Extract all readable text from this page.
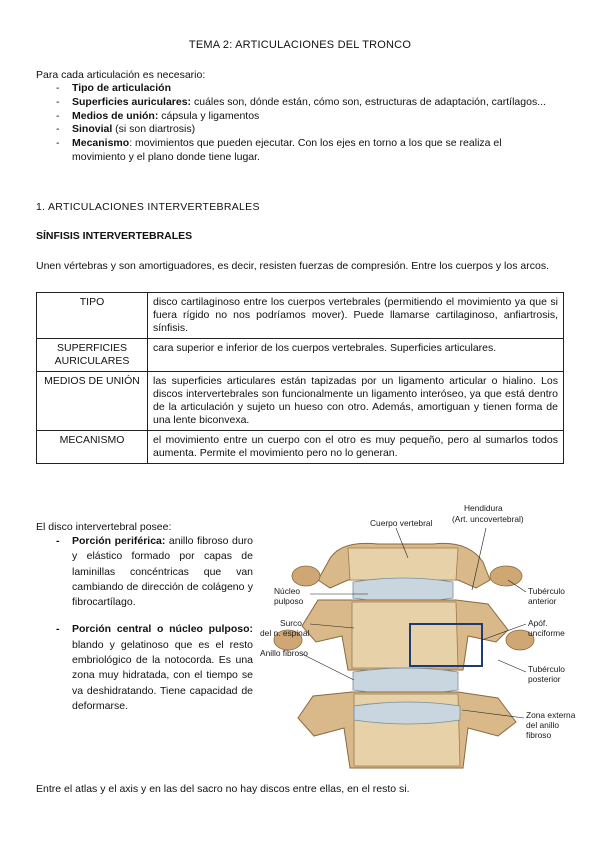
TEMA 2: ARTICULACIONES DEL TRONCO
Para cada articulación es necesario:
- Tipo de articulación
- Superficies auriculares: cuáles son, dónde están, cómo son, estructuras de adaptación, cartílagos...
- Medios de unión: cápsula y ligamentos
- Sinovial (si son diartrosis)
- Mecanismo: movimientos que pueden ejecutar. Con los ejes en torno a los que se realiza el movimiento y el plano donde tiene lugar.
1. ARTICULACIONES INTERVERTEBRALES
SÍNFISIS INTERVERTEBRALES
Unen vértebras y son amortiguadores, es decir, resisten fuerzas de compresión. Entre los cuerpos y los arcos.
TIPO	disco cartilaginoso entre los cuerpos vertebrales (permitiendo el movimiento ya que si fuera rígido no nos podríamos mover). Puede llamarse cartilaginoso, anfiartrosis, sínfisis.
SUPERFICIES AURICULARES	cara superior e inferior de los cuerpos vertebrales. Superficies articulares.
MEDIOS DE UNIÓN	las superficies articulares están tapizadas por un ligamento articular o hialino. Los discos intervertebrales son funcionalmente un ligamento interóseo, ya que está dentro de la articulación y sujeto un hueso con otro. Además, amortiguan y tienen forma de una lente biconvexa.
MECANISMO	el movimiento entre un cuerpo con el otro es muy pequeño, pero al sumarlos todos aumenta. Permite el movimiento pero no lo generan.
El disco intervertebral posee:
- Porción periférica: anillo fibroso duro y elástico formado por capas de laminillas concéntricas que van cambiando de dirección de colágeno y fibrocartílago.
- Porción central o núcleo pulposo: blando y gelatinoso que es el resto embriológico de la notocorda. Es una zona muy hidratada, con el tiempo se va deshidratando. Tiene capacidad de deformarse.
Cuerpo vertebral
Hendidura
(Art. uncovertebral)
Núcleo
pulposo
Surco
del n. espinal
Anillo fibroso
Tubérculo
anterior
Apóf.
unciforme
Tubérculo
posterior
Zona externa
del anillo
fibroso
Entre el atlas y el axis y en las del sacro no hay discos entre ellas, en el resto si.
